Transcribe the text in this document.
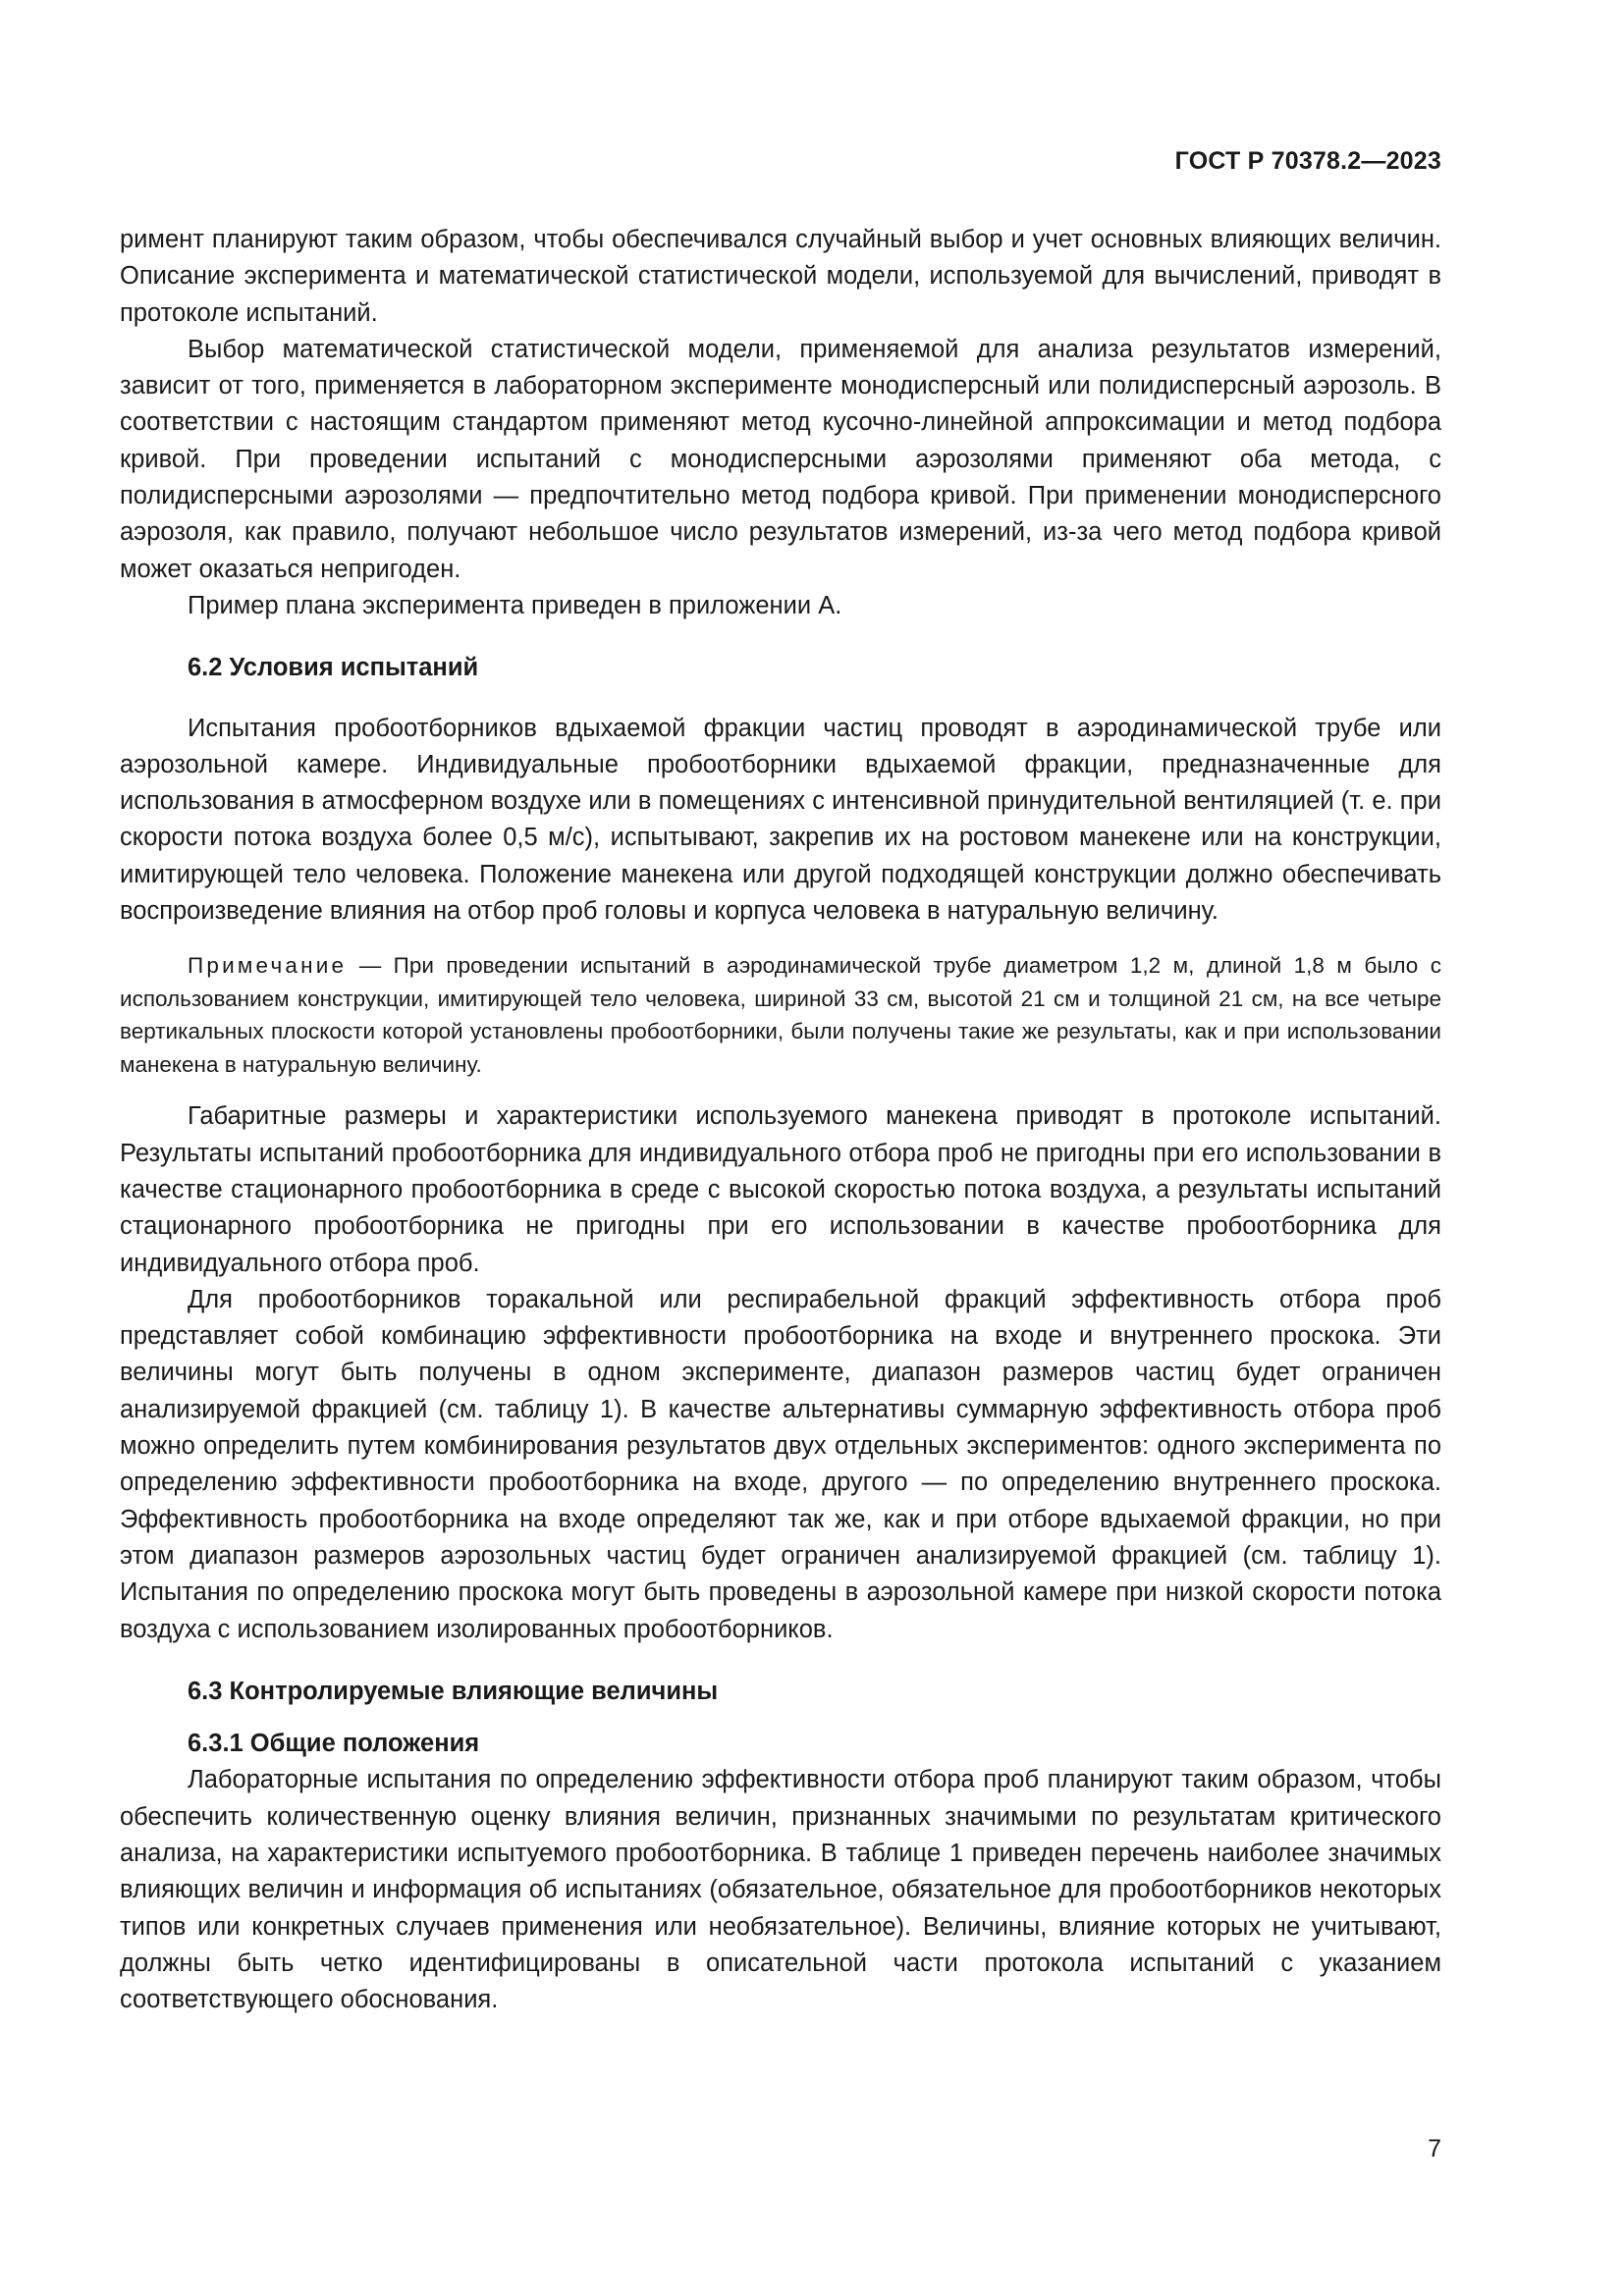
ГОСТ Р 70378.2—2023

римент планируют таким образом, чтобы обеспечивался случайный выбор и учет основных влияющих величин. Описание эксперимента и математической статистической модели, используемой для вычислений, приводят в протоколе испытаний.

Выбор математической статистической модели, применяемой для анализа результатов измерений, зависит от того, применяется в лабораторном эксперименте монодисперсный или полидисперсный аэрозоль. В соответствии с настоящим стандартом применяют метод кусочно-линейной аппроксимации и метод подбора кривой. При проведении испытаний с монодисперсными аэрозолями применяют оба метода, с полидисперсными аэрозолями — предпочтительно метод подбора кривой. При применении монодисперсного аэрозоля, как правило, получают небольшое число результатов измерений, из-за чего метод подбора кривой может оказаться непригоден.

Пример плана эксперимента приведен в приложении А.

6.2 Условия испытаний

Испытания пробоотборников вдыхаемой фракции частиц проводят в аэродинамической трубе или аэрозольной камере. Индивидуальные пробоотборники вдыхаемой фракции, предназначенные для использования в атмосферном воздухе или в помещениях с интенсивной принудительной вентиляцией (т. е. при скорости потока воздуха более 0,5 м/с), испытывают, закрепив их на ростовом манекене или на конструкции, имитирующей тело человека. Положение манекена или другой подходящей конструкции должно обеспечивать воспроизведение влияния на отбор проб головы и корпуса человека в натуральную величину.

Примечание — При проведении испытаний в аэродинамической трубе диаметром 1,2 м, длиной 1,8 м было с использованием конструкции, имитирующей тело человека, шириной 33 см, высотой 21 см и толщиной 21 см, на все четыре вертикальных плоскости которой установлены пробоотборники, были получены такие же результаты, как и при использовании манекена в натуральную величину.

Габаритные размеры и характеристики используемого манекена приводят в протоколе испытаний. Результаты испытаний пробоотборника для индивидуального отбора проб не пригодны при его использовании в качестве стационарного пробоотборника в среде с высокой скоростью потока воздуха, а результаты испытаний стационарного пробоотборника не пригодны при его использовании в качестве пробоотборника для индивидуального отбора проб.

Для пробоотборников торакальной или респирабельной фракций эффективность отбора проб представляет собой комбинацию эффективности пробоотборника на входе и внутреннего проскока. Эти величины могут быть получены в одном эксперименте, диапазон размеров частиц будет ограничен анализируемой фракцией (см. таблицу 1). В качестве альтернативы суммарную эффективность отбора проб можно определить путем комбинирования результатов двух отдельных экспериментов: одного эксперимента по определению эффективности пробоотборника на входе, другого — по определению внутреннего проскока. Эффективность пробоотборника на входе определяют так же, как и при отборе вдыхаемой фракции, но при этом диапазон размеров аэрозольных частиц будет ограничен анализируемой фракцией (см. таблицу 1). Испытания по определению проскока могут быть проведены в аэрозольной камере при низкой скорости потока воздуха с использованием изолированных пробоотборников.

6.3 Контролируемые влияющие величины
6.3.1 Общие положения

Лабораторные испытания по определению эффективности отбора проб планируют таким образом, чтобы обеспечить количественную оценку влияния величин, признанных значимыми по результатам критического анализа, на характеристики испытуемого пробоотборника. В таблице 1 приведен перечень наиболее значимых влияющих величин и информация об испытаниях (обязательное, обязательное для пробоотборников некоторых типов или конкретных случаев применения или необязательное). Величины, влияние которых не учитывают, должны быть четко идентифицированы в описательной части протокола испытаний с указанием соответствующего обоснования.

7
